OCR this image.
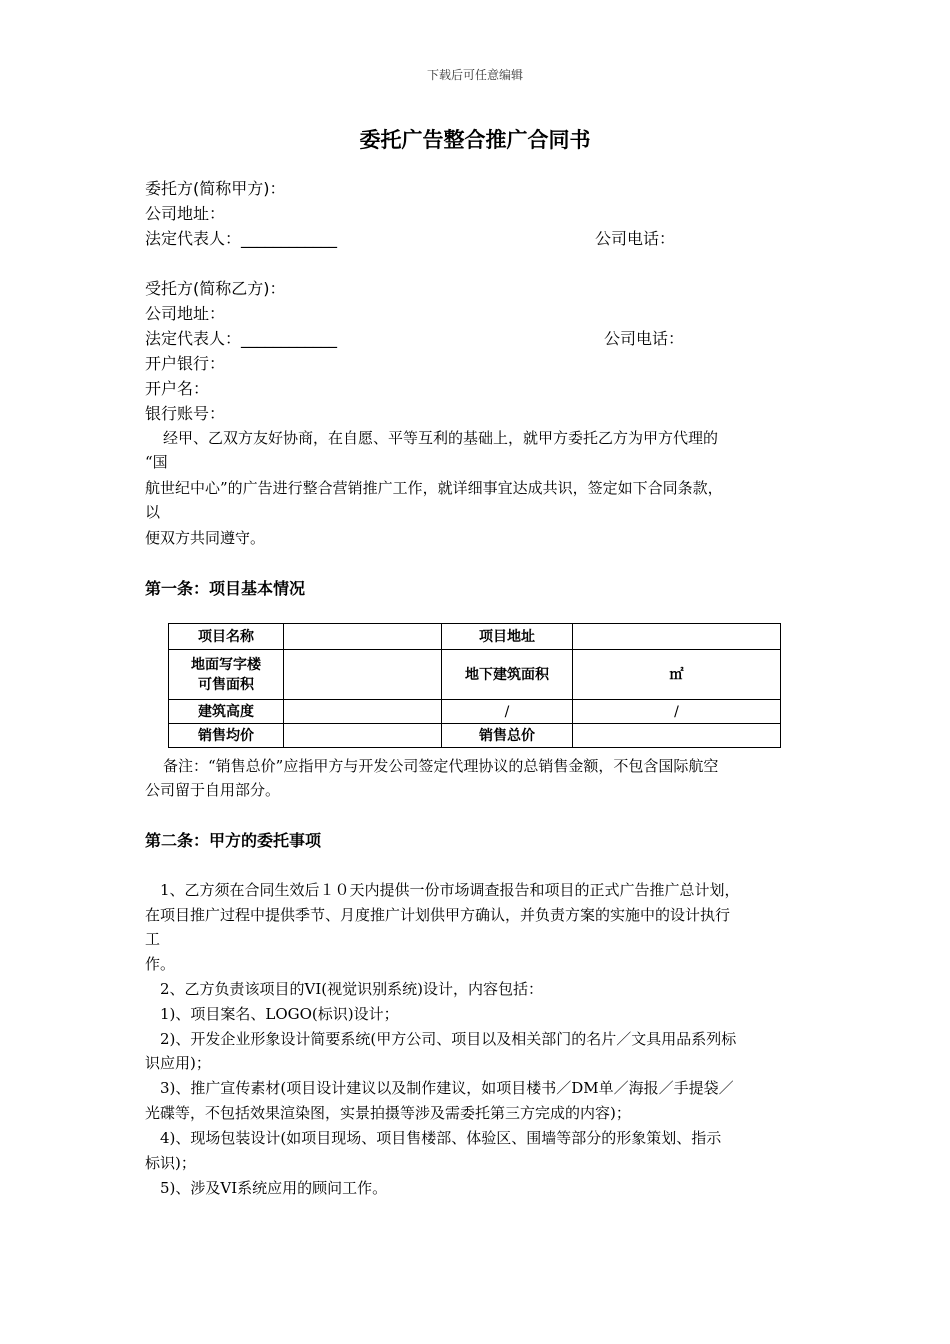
下载后可任意编辑
委托广告整合推广合同书
委托方(简称甲方)：
公司地址：
法定代表人：____________	公司电话：
受托方(简称乙方)：
公司地址：
法定代表人：____________	公司电话：
开户银行：
开户名：
银行账号：
经甲、乙双方友好协商，在自愿、平等互利的基础上，就甲方委托乙方为甲方代理的
“国
航世纪中心”的广告进行整合营销推广工作，就详细事宜达成共识，签定如下合同条款，
以
便双方共同遵守。
第一条：项目基本情况
项目名称		项目地址	

地面写字楼
可售面积		地下建筑面积	㎡
建筑高度		/	/
销售均价		销售总价	
备注：“销售总价”应指甲方与开发公司签定代理协议的总销售金额，不包含国际航空
公司留于自用部分。
第二条：甲方的委托事项
1、乙方须在合同生效后１０天内提供一份市场调查报告和项目的正式广告推广总计划，
在项目推广过程中提供季节、月度推广计划供甲方确认，并负责方案的实施中的设计执行
工
作。
2、乙方负责该项目的VI(视觉识别系统)设计，内容包括：
1)、项目案名、LOGO(标识)设计；
2)、开发企业形象设计简要系统(甲方公司、项目以及相关部门的名片／文具用品系列标
识应用)；
3)、推广宣传素材(项目设计建议以及制作建议，如项目楼书／DM单／海报／手提袋／
光碟等，不包括效果渲染图，实景拍摄等涉及需委托第三方完成的内容)；
4)、现场包装设计(如项目现场、项目售楼部、体验区、围墙等部分的形象策划、指示
标识)；
5)、涉及VI系统应用的顾问工作。
